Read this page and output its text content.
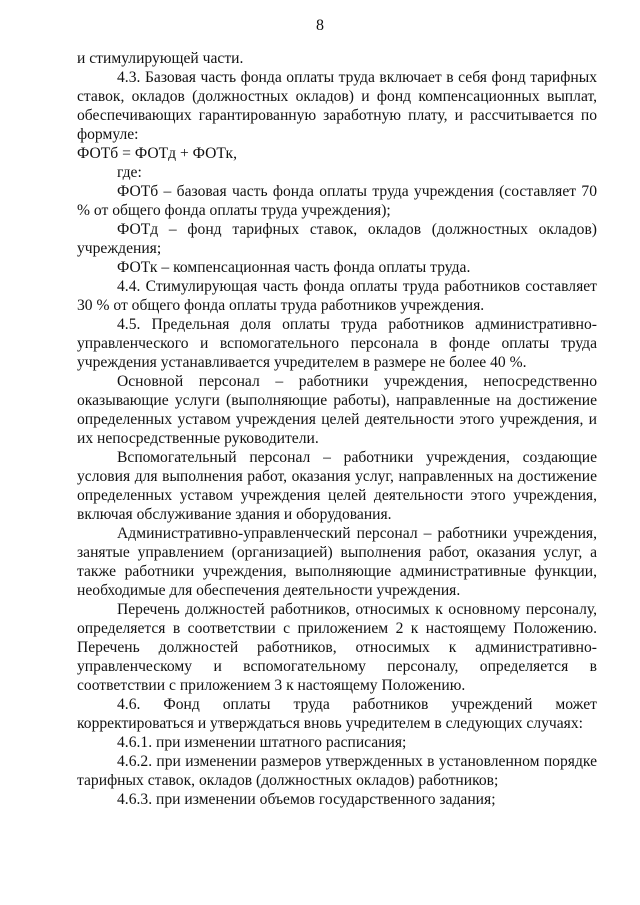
8

и стимулирующей части.

4.3. Базовая часть фонда оплаты труда включает в себя фонд тарифных ставок, окладов (должностных окладов) и фонд компенсационных выплат, обеспечивающих гарантированную заработную плату, и рассчитывается по формуле:

ФОТб = ФОТд + ФОТк,

где:

ФОТб – базовая часть фонда оплаты труда учреждения (составляет 70 % от общего фонда оплаты труда учреждения);

ФОТд – фонд тарифных ставок, окладов (должностных окладов) учреждения;

ФОТк – компенсационная часть фонда оплаты труда.

4.4. Стимулирующая часть фонда оплаты труда работников составляет 30 % от общего фонда оплаты труда работников учреждения.

4.5. Предельная доля оплаты труда работников административно-управленческого и вспомогательного персонала в фонде оплаты труда учреждения устанавливается учредителем в размере не более 40 %.

Основной персонал – работники учреждения, непосредственно оказывающие услуги (выполняющие работы), направленные на достижение определенных уставом учреждения целей деятельности этого учреждения, и их непосредственные руководители.

Вспомогательный персонал – работники учреждения, создающие условия для выполнения работ, оказания услуг, направленных на достижение определенных уставом учреждения целей деятельности этого учреждения, включая обслуживание здания и оборудования.

Административно-управленческий персонал – работники учреждения, занятые управлением (организацией) выполнения работ, оказания услуг, а также работники учреждения, выполняющие административные функции, необходимые для обеспечения деятельности учреждения.

Перечень должностей работников, относимых к основному персоналу, определяется в соответствии с приложением 2 к настоящему Положению. Перечень должностей работников, относимых к административно-управленческому и вспомогательному персоналу, определяется в соответствии с приложением 3 к настоящему Положению.

4.6. Фонд оплаты труда работников учреждений может корректироваться и утверждаться вновь учредителем в следующих случаях:

4.6.1. при изменении штатного расписания;

4.6.2. при изменении размеров утвержденных в установленном порядке тарифных ставок, окладов (должностных окладов) работников;

4.6.3. при изменении объемов государственного задания;
